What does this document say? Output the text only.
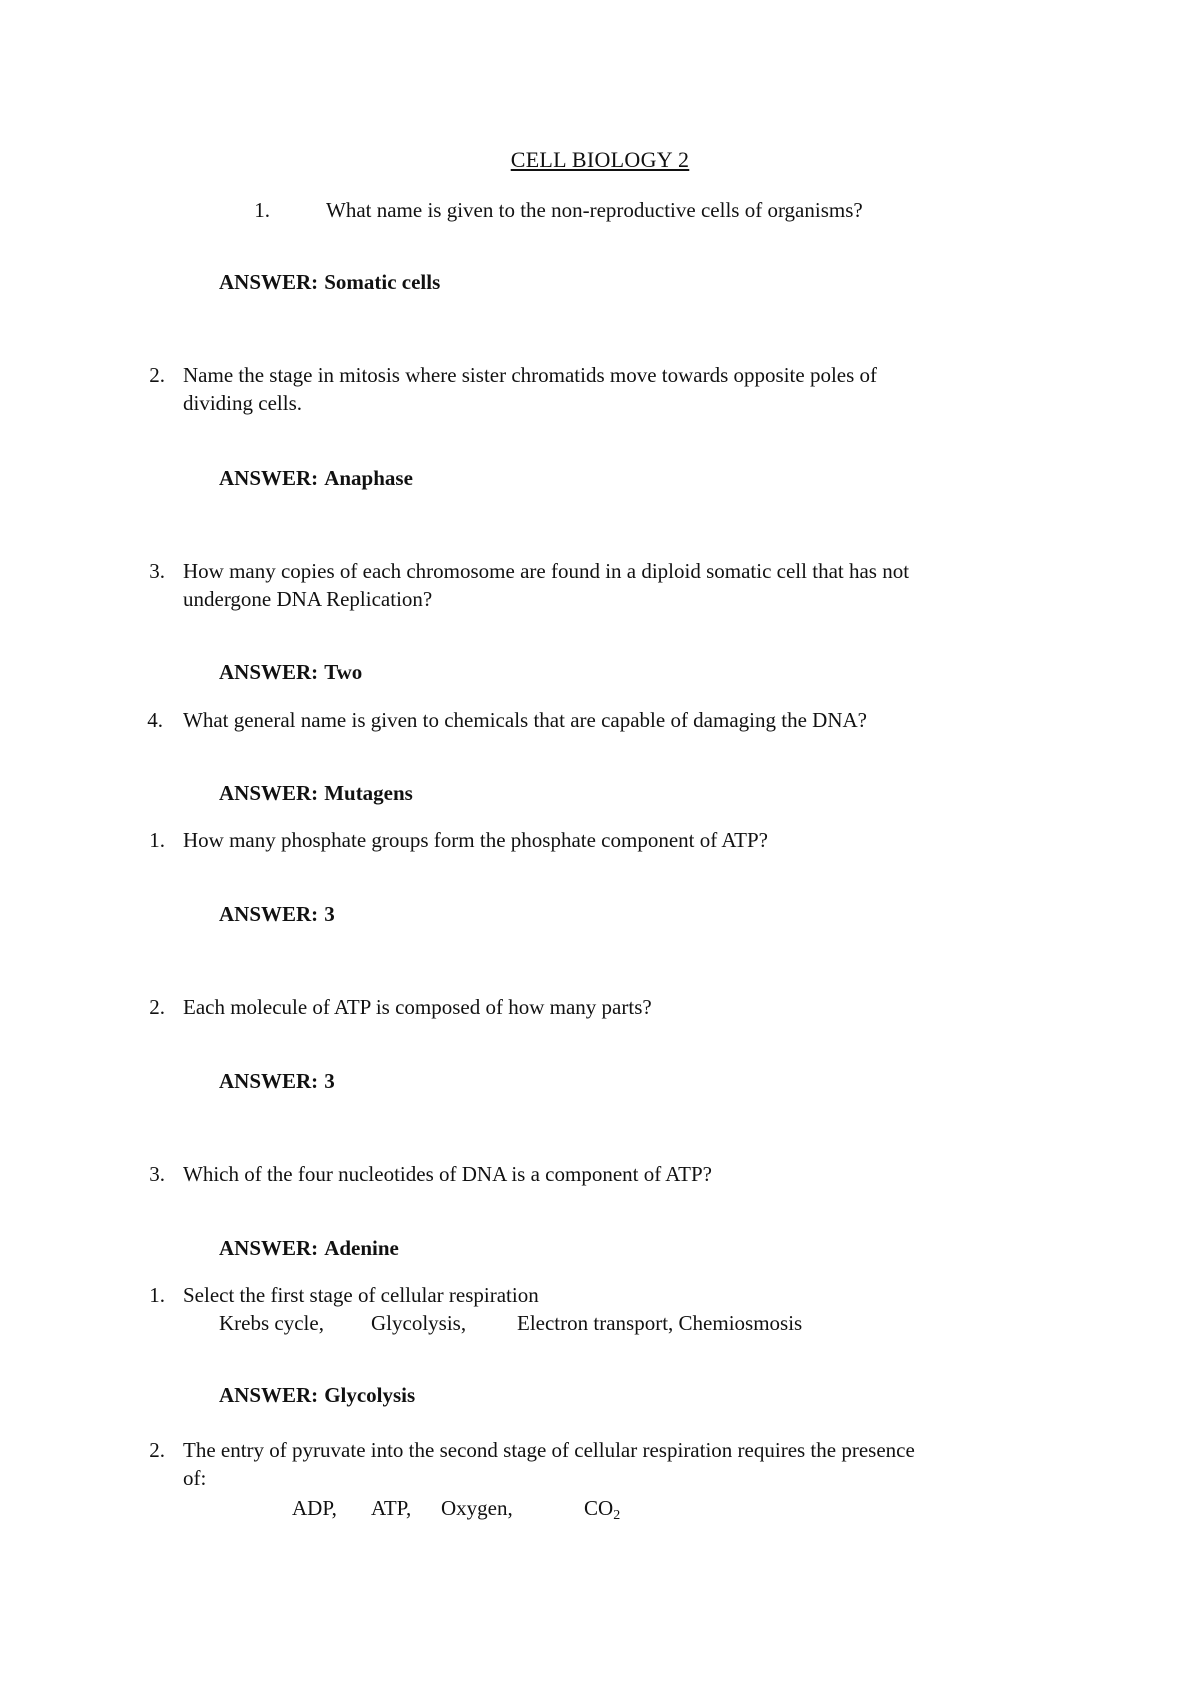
CELL BIOLOGY 2
1.	What name is given to the non-reproductive cells of organisms?
ANSWER: Somatic cells
2. Name the stage in mitosis where sister chromatids move towards opposite poles of
dividing cells.
ANSWER: Anaphase
3. How many copies of each chromosome are found in a diploid somatic cell that has not
undergone DNA Replication?
ANSWER: Two
4. What general name is given to chemicals that are capable of damaging the DNA?
ANSWER: Mutagens
1. How many phosphate groups form the phosphate component of ATP?
ANSWER: 3
2. Each molecule of ATP is composed of how many parts?
ANSWER: 3
3. Which of the four nucleotides of DNA is a component of ATP?
ANSWER: Adenine
1. Select the first stage of cellular respiration
Krebs cycle, Glycolysis, Electron transport, Chemiosmosis
ANSWER: Glycolysis
2. The entry of pyruvate into the second stage of cellular respiration requires the presence
of:
ADP, ATP, Oxygen,	$CO_2$
